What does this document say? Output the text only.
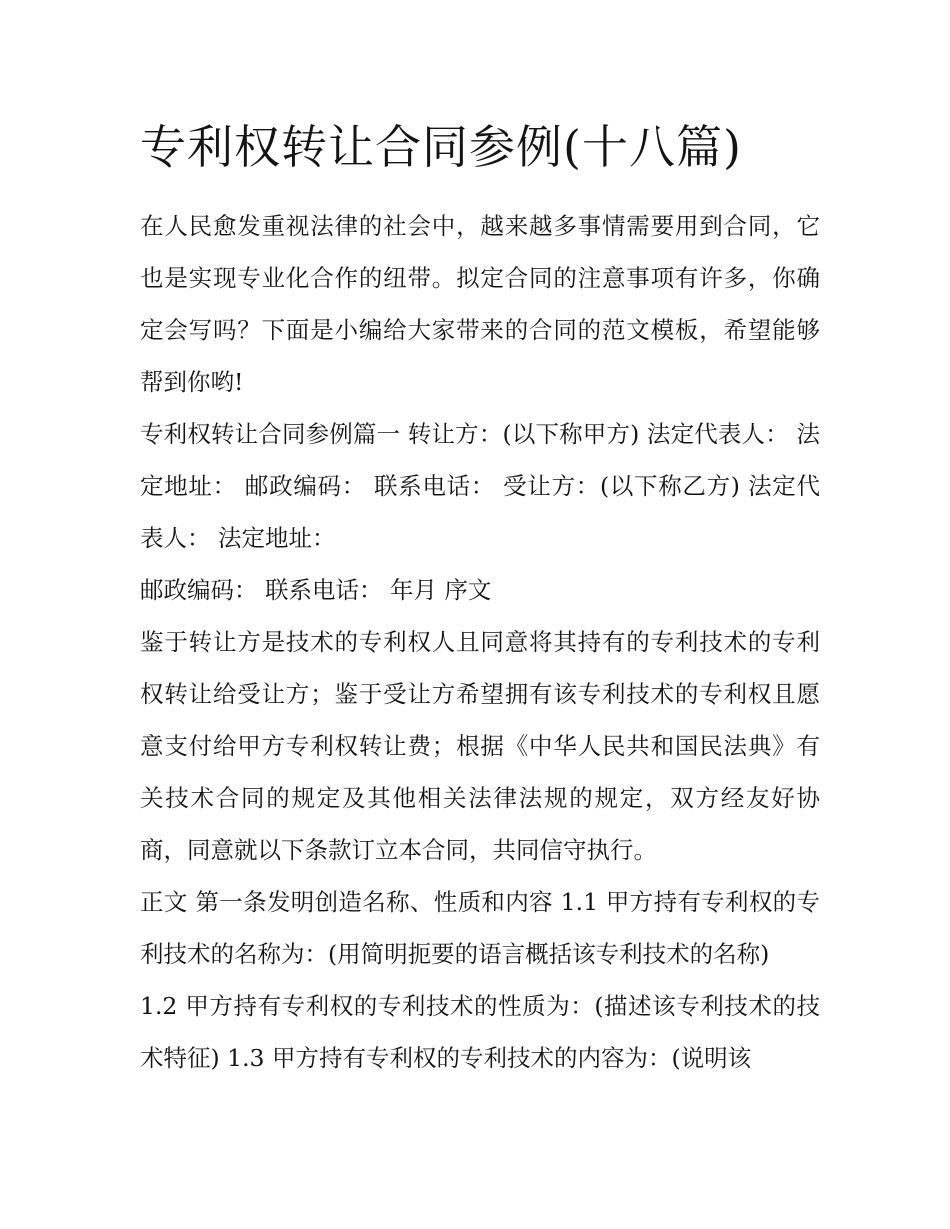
专利权转让合同参例(十八篇)

在人民愈发重视法律的社会中，越来越多事情需要用到合同，它也是实现专业化合作的纽带。拟定合同的注意事项有许多，你确定会写吗？下面是小编给大家带来的合同的范文模板，希望能够帮到你哟!

专利权转让合同参例篇一 转让方：(以下称甲方) 法定代表人： 法定地址： 邮政编码： 联系电话： 受让方：(以下称乙方) 法定代表人： 法定地址：

邮政编码： 联系电话： 年月 序文

鉴于转让方是技术的专利权人且同意将其持有的专利技术的专利权转让给受让方；鉴于受让方希望拥有该专利技术的专利权且愿意支付给甲方专利权转让费；根据《中华人民共和国民法典》有关技术合同的规定及其他相关法律法规的规定，双方经友好协商，同意就以下条款订立本合同，共同信守执行。

正文 第一条发明创造名称、性质和内容 1.1 甲方持有专利权的专利技术的名称为：(用简明扼要的语言概括该专利技术的名称)

1.2 甲方持有专利权的专利技术的性质为：(描述该专利技术的技术特征) 1.3 甲方持有专利权的专利技术的内容为：(说明该
